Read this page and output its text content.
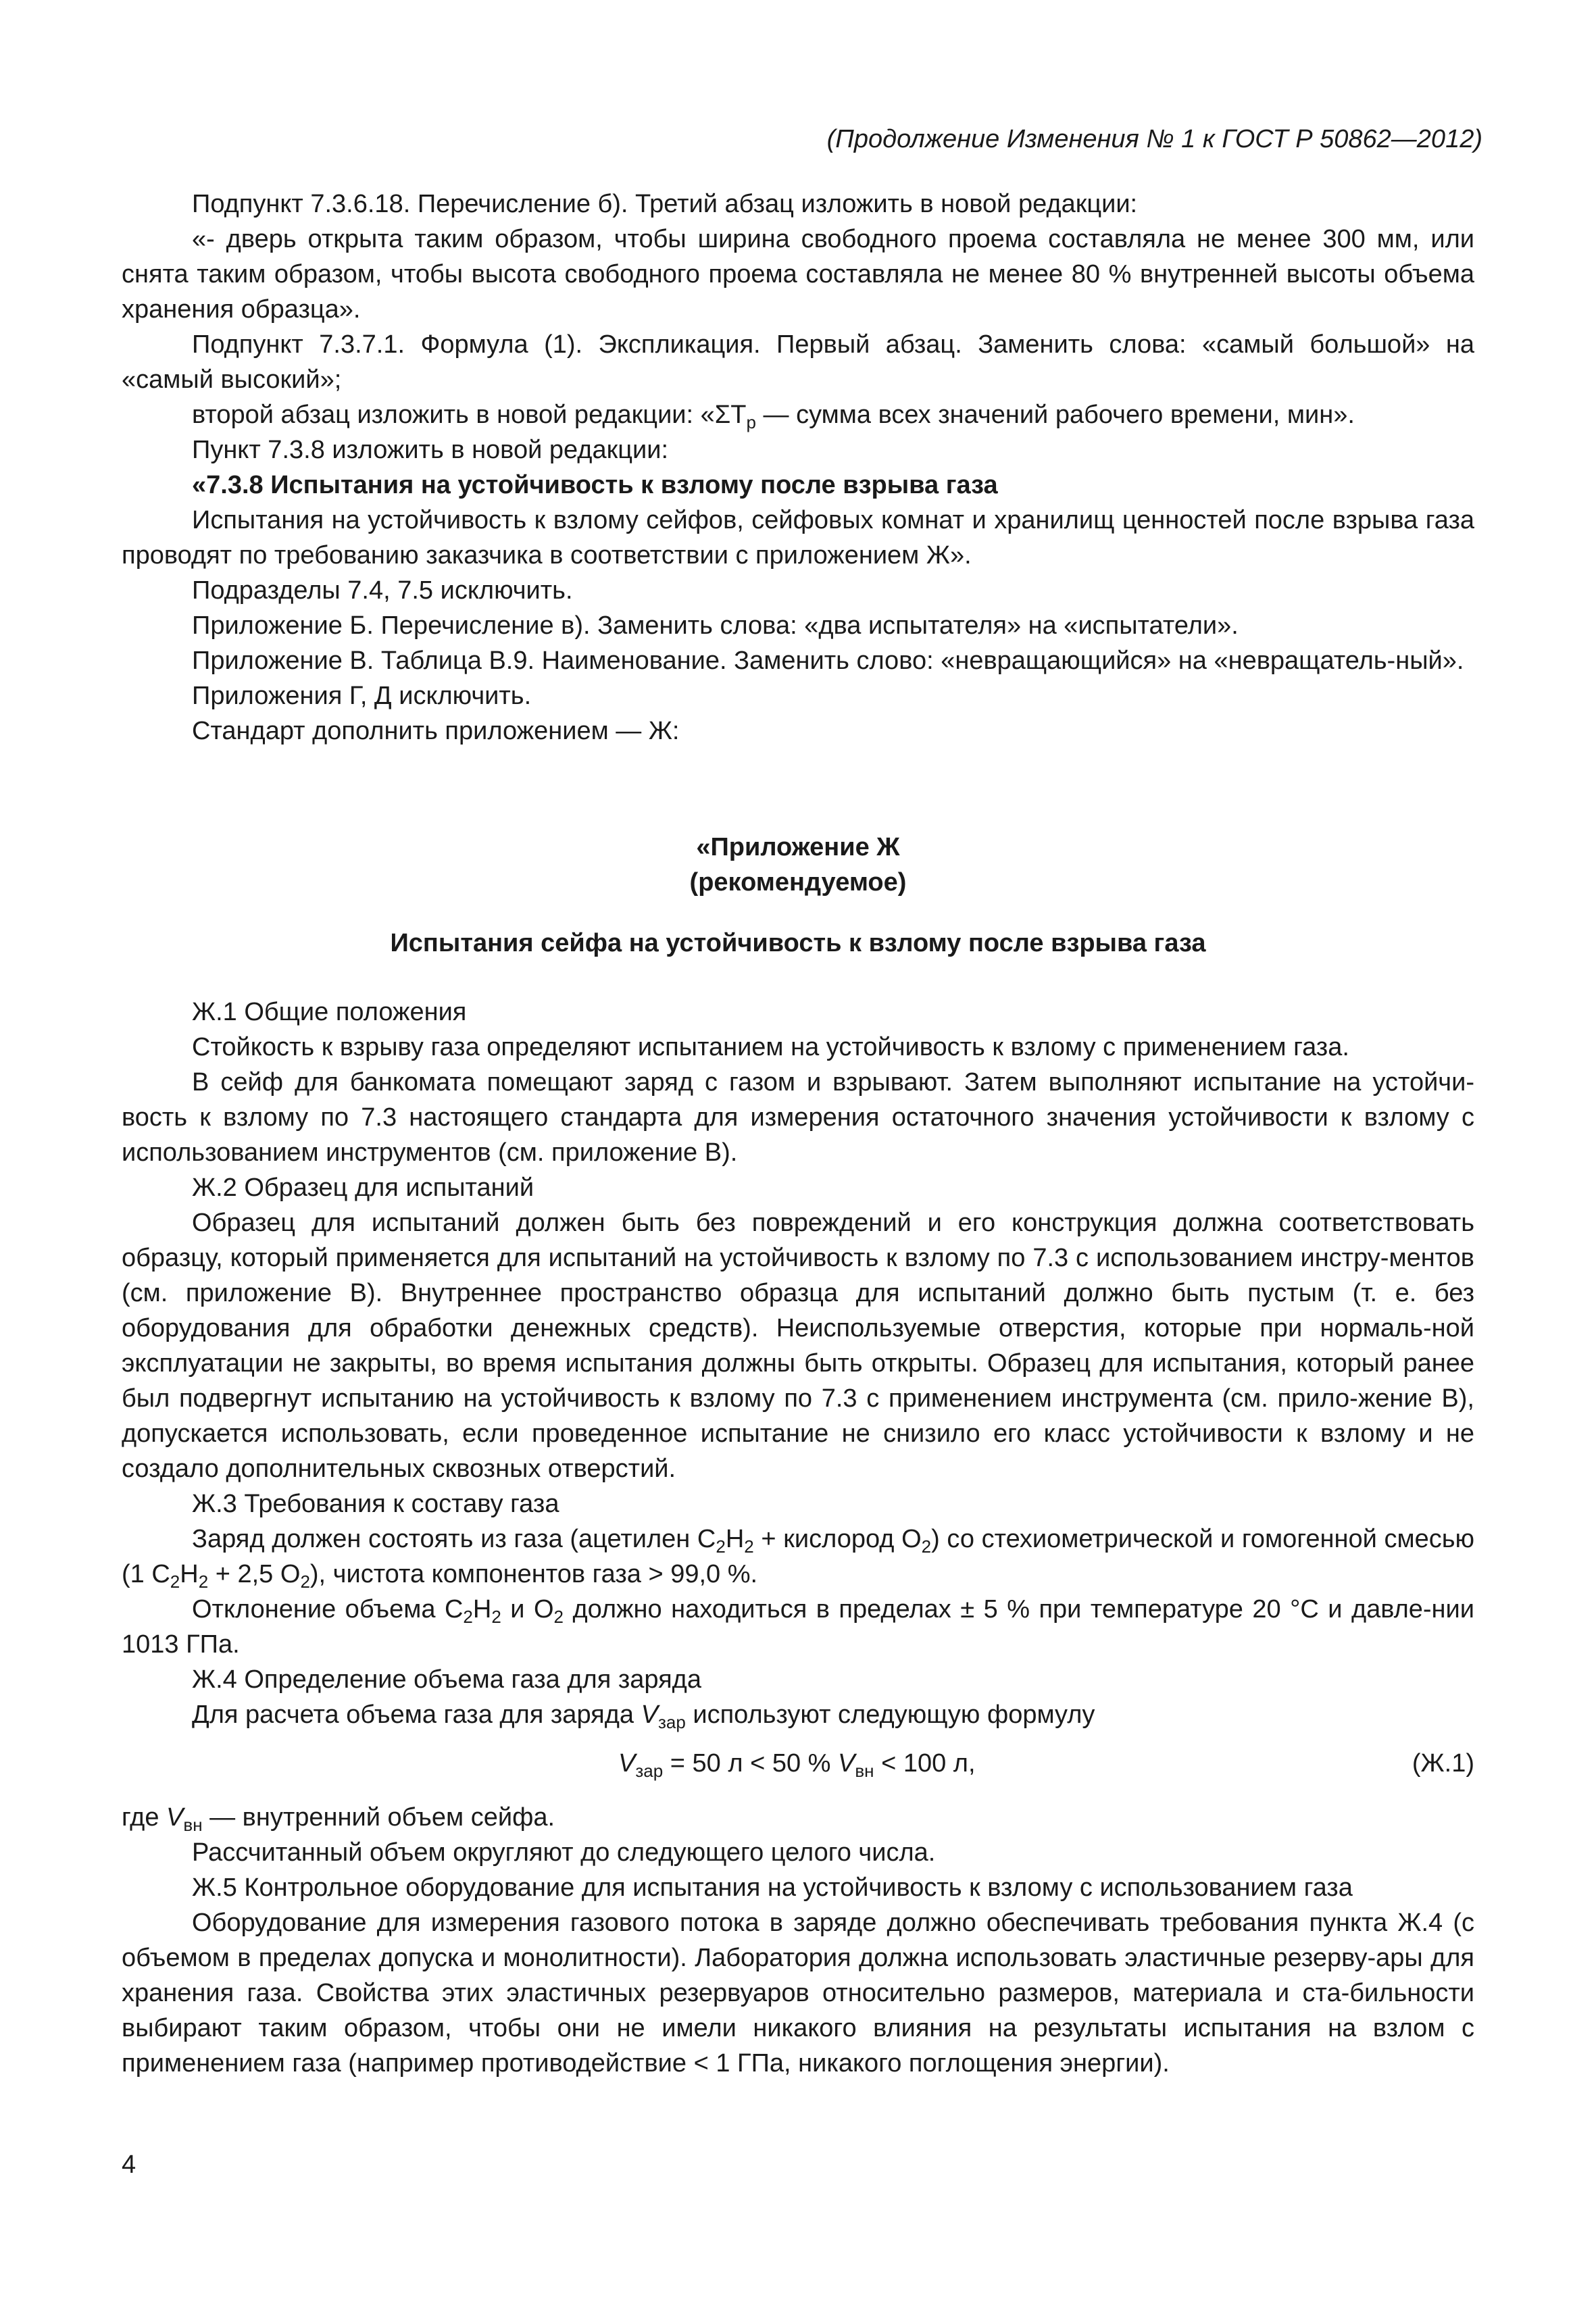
(Продолжение Изменения № 1 к ГОСТ Р 50862—2012)

Подпункт 7.3.6.18. Перечисление б). Третий абзац изложить в новой редакции:

«- дверь открыта таким образом, чтобы ширина свободного проема составляла не менее 300 мм, или снята таким образом, чтобы высота свободного проема составляла не менее 80 % внутренней высоты объема хранения образца».

Подпункт 7.3.7.1. Формула (1). Экспликация. Первый абзац. Заменить слова: «самый большой» на «самый высокий»;

второй абзац изложить в новой редакции: «$\Sigma T_р$ — сумма всех значений рабочего времени, мин».

Пункт 7.3.8 изложить в новой редакции:

«7.3.8 Испытания на устойчивость к взлому после взрыва газа

Испытания на устойчивость к взлому сейфов, сейфовых комнат и хранилищ ценностей после взрыва газа проводят по требованию заказчика в соответствии с приложением Ж».

Подразделы 7.4, 7.5 исключить.

Приложение Б. Перечисление в). Заменить слова: «два испытателя» на «испытатели».

Приложение В. Таблица В.9. Наименование. Заменить слово: «невращающийся» на «невращатель-ный».

Приложения Г, Д исключить.

Стандарт дополнить приложением — Ж:

«Приложение Ж

(рекомендуемое)

Испытания сейфа на устойчивость к взлому после взрыва газа

Ж.1 Общие положения

Стойкость к взрыву газа определяют испытанием на устойчивость к взлому с применением газа.

В сейф для банкомата помещают заряд с газом и взрывают. Затем выполняют испытание на устойчи-вость к взлому по 7.3 настоящего стандарта для измерения остаточного значения устойчивости к взлому с использованием инструментов (см. приложение В).

Ж.2 Образец для испытаний

Образец для испытаний должен быть без повреждений и его конструкция должна соответствовать образцу, который применяется для испытаний на устойчивость к взлому по 7.3 с использованием инстру-ментов (см. приложение В). Внутреннее пространство образца для испытаний должно быть пустым (т. е. без оборудования для обработки денежных средств). Неиспользуемые отверстия, которые при нормаль-ной эксплуатации не закрыты, во время испытания должны быть открыты. Образец для испытания, который ранее был подвергнут испытанию на устойчивость к взлому по 7.3 с применением инструмента (см. прило-жение В), допускается использовать, если проведенное испытание не снизило его класс устойчивости к взлому и не создало дополнительных сквозных отверстий.

Ж.3 Требования к составу газа

Заряд должен состоять из газа (ацетилен $C_2H_2$ + кислород $O_2$) со стехиометрической и гомогенной смесью (1 $C_2H_2 + 2,5$ $O_2$), чистота компонентов газа > 99,0 %.

Отклонение объема $C_2H_2$ и $O_2$ должно находиться в пределах ± 5 % при температуре 20 °С и давле-нии 1013 ГПа.

Ж.4 Определение объема газа для заряда

Для расчета объема газа для заряда $V_{зар}$ используют следующую формулу

$V_{зар} = 50$ л < 50 % $V_{вн} < 100$ л,	(Ж.1)

где $V_{вн}$ — внутренний объем сейфа.

Рассчитанный объем округляют до следующего целого числа.

Ж.5 Контрольное оборудование для испытания на устойчивость к взлому с использованием газа

Оборудование для измерения газового потока в заряде должно обеспечивать требования пункта Ж.4 (с объемом в пределах допуска и монолитности). Лаборатория должна использовать эластичные резерву-ары для хранения газа. Свойства этих эластичных резервуаров относительно размеров, материала и ста-бильности выбирают таким образом, чтобы они не имели никакого влияния на результаты испытания на взлом с применением газа (например противодействие < 1 ГПа, никакого поглощения энергии).

4
